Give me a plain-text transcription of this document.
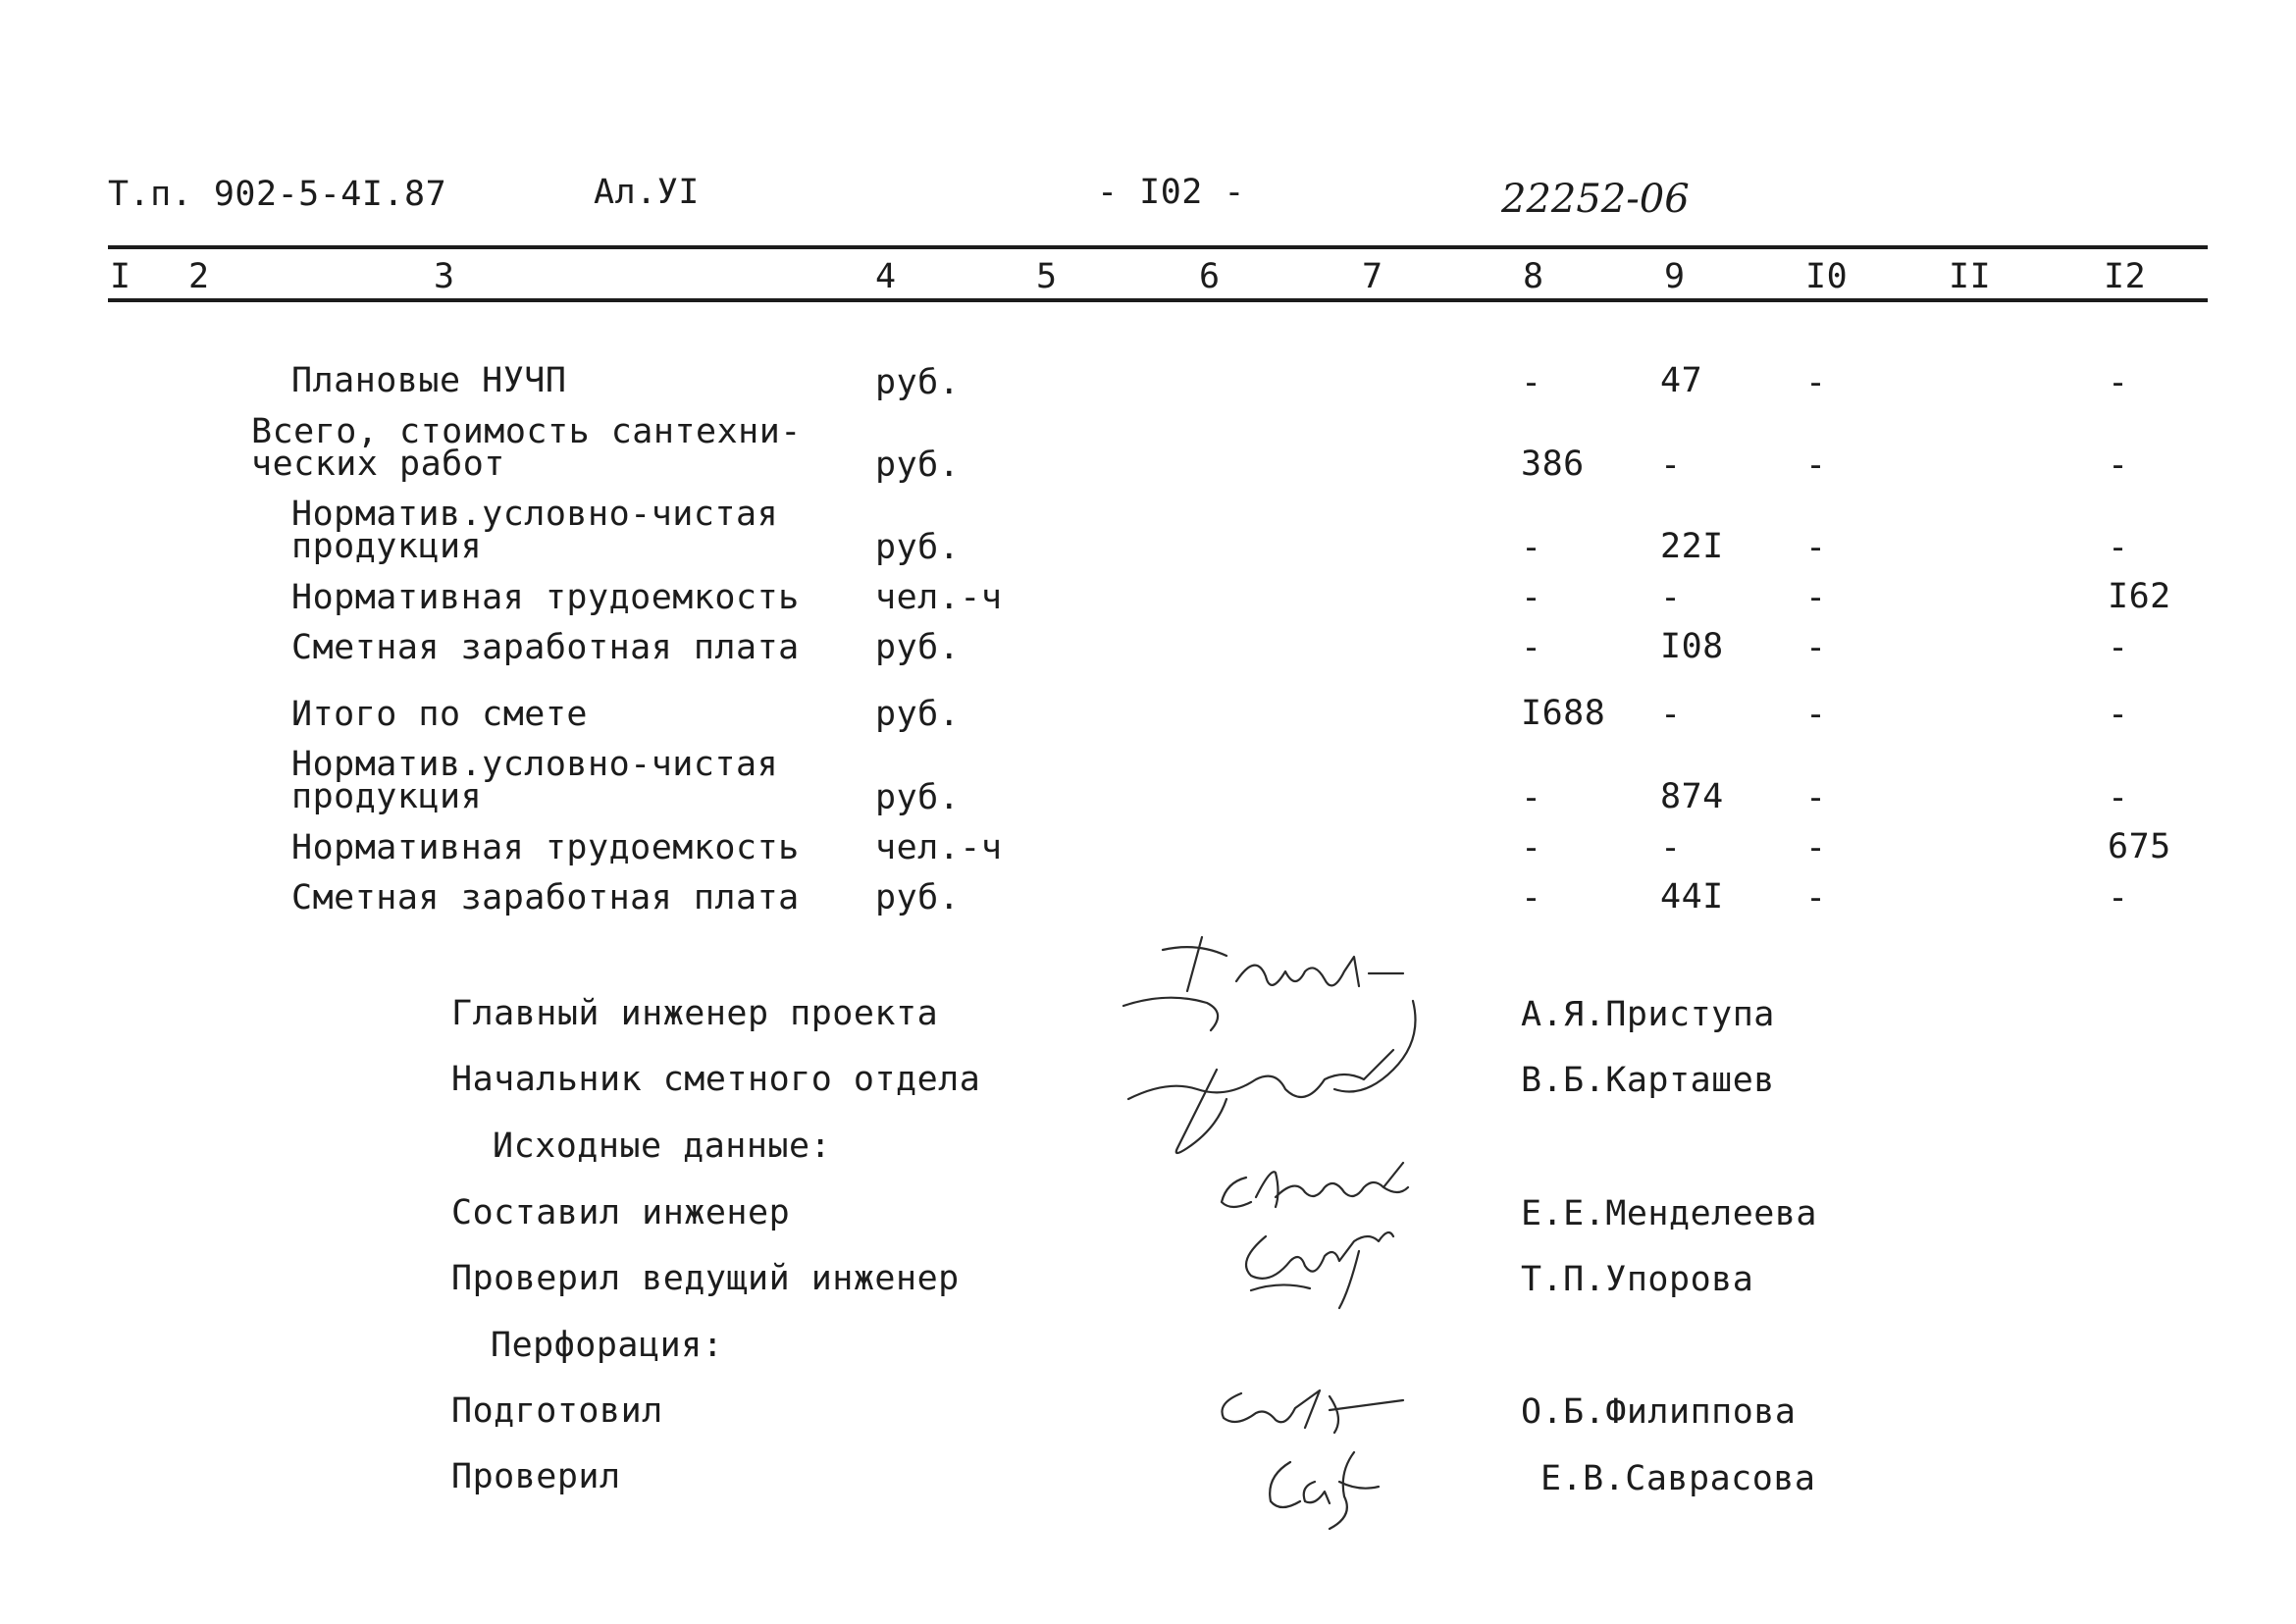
Т.п. 902-5-4I.87	Ал.УI	- I02 -	22252-06
I 2	3	4	5	6	7	8	9	I0	II	I2
Плановые НУЧП	руб.	-	47	-	-
Всего, стоимость сантехни-
ческих работ	руб.	386 -	-	-
Норматив.условно-чистая
продукция	руб.	-	22I -	-
Нормативная трудоемкость чел.-ч	-	-	-	I62
Сметная заработная плата руб.	-	I08 -	-
Итого по смете	руб.	I688 -	-	-
Норматив.условно-чистая
продукция	руб.	-	874 -	-
Нормативная трудоемкость чел.-ч	-	-	-	675
Сметная заработная плата руб.	-	44I -	-
Главный инженер проекта	А.Я.Приступа
Начальник сметного отдела	В.Б.Карташев
Исходные данные:
Составил инженер	Е.Е.Менделеева
Проверил ведущий инженер	Т.П.Упорова
Перфорация:
Подготовил	О.Б.Филиппова
Проверил	Е.В.Саврасова
